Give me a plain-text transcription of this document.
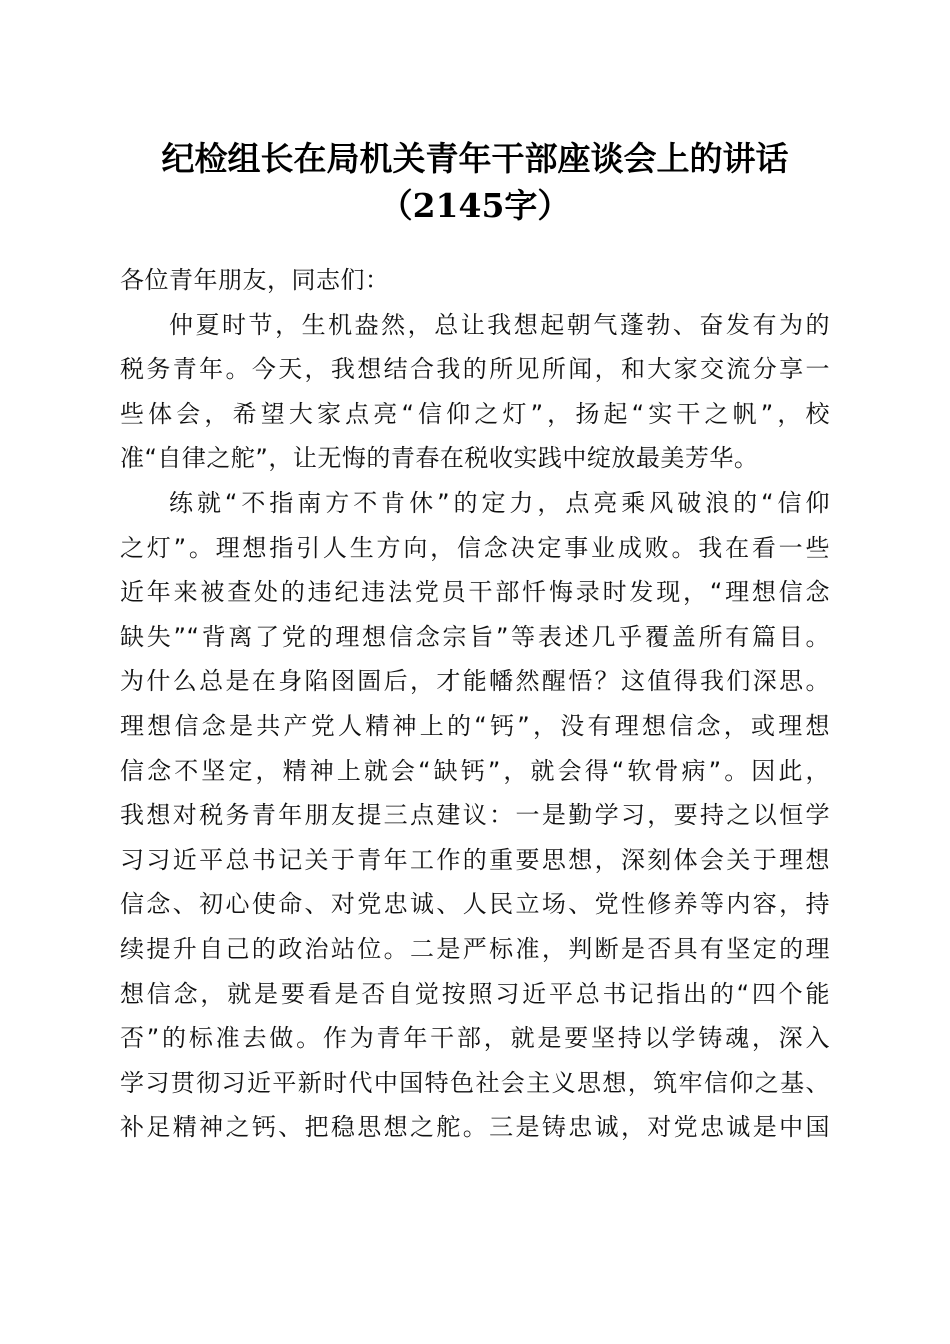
纪检组长在局机关青年干部座谈会上的讲话
（2145字）
各位青年朋友，同志们：
仲夏时节，生机盎然，总让我想起朝气蓬勃、奋发有为的
税务青年。今天，我想结合我的所见所闻，和大家交流分享一
些体会，希望大家点亮“信仰之灯”，扬起“实干之帆”，校
准“自律之舵”，让无悔的青春在税收实践中绽放最美芳华。
练就“不指南方不肯休”的定力，点亮乘风破浪的“信仰
之灯”。理想指引人生方向，信念决定事业成败。我在看一些
近年来被查处的违纪违法党员干部忏悔录时发现，“理想信念
缺失”“背离了党的理想信念宗旨”等表述几乎覆盖所有篇目。
为什么总是在身陷囹圄后，才能幡然醒悟？这值得我们深思。
理想信念是共产党人精神上的“钙”，没有理想信念，或理想
信念不坚定，精神上就会“缺钙”，就会得“软骨病”。因此，
我想对税务青年朋友提三点建议：一是勤学习，要持之以恒学
习习近平总书记关于青年工作的重要思想，深刻体会关于理想
信念、初心使命、对党忠诚、人民立场、党性修养等内容，持
续提升自己的政治站位。二是严标准，判断是否具有坚定的理
想信念，就是要看是否自觉按照习近平总书记指出的“四个能
否”的标准去做。作为青年干部，就是要坚持以学铸魂，深入
学习贯彻习近平新时代中国特色社会主义思想，筑牢信仰之基、
补足精神之钙、把稳思想之舵。三是铸忠诚，对党忠诚是中国
